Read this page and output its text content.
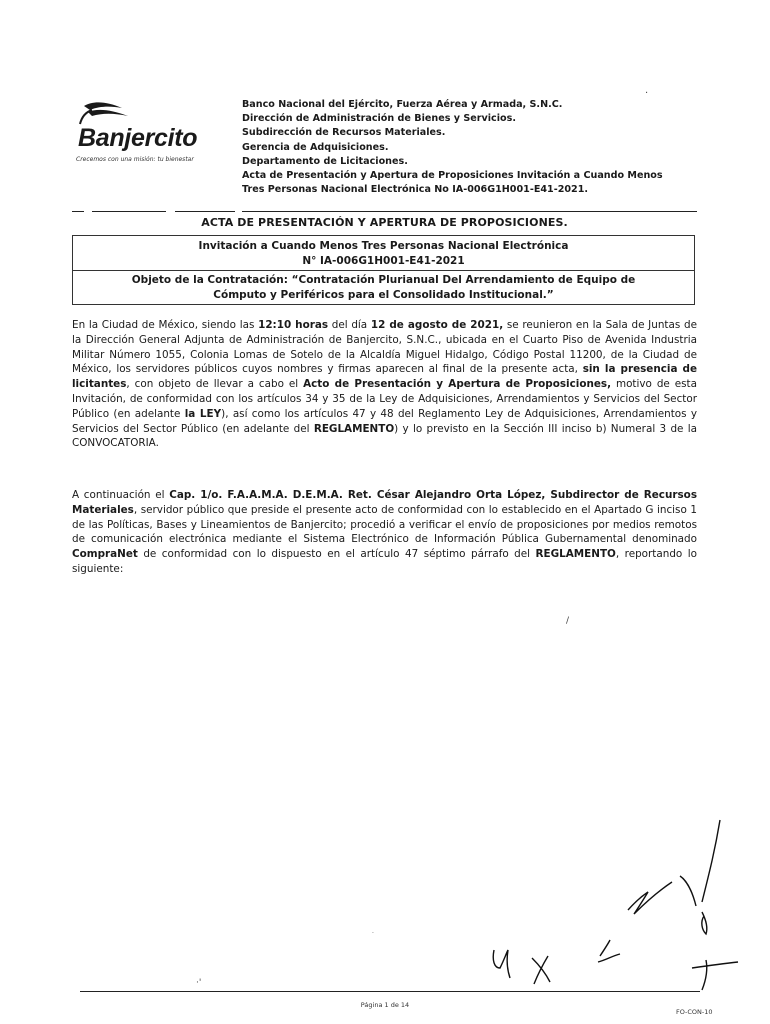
Banjercito
Crecemos con una misión: tu bienestar
Banco Nacional del Ejército, Fuerza Aérea y Armada, S.N.C.
Dirección de Administración de Bienes y Servicios.
Subdirección de Recursos Materiales.
Gerencia de Adquisiciones.
Departamento de Licitaciones.
Acta de Presentación y Apertura de Proposiciones Invitación a Cuando Menos
Tres Personas Nacional Electrónica No IA-006G1H001-E41-2021.
ACTA DE PRESENTACIÓN Y APERTURA DE PROPOSICIONES.
Invitación a Cuando Menos Tres Personas Nacional Electrónica
N° IA-006G1H001-E41-2021
Objeto de la Contratación: “Contratación Plurianual Del Arrendamiento de Equipo de
Cómputo y Periféricos para el Consolidado Institucional.”
En la Ciudad de México, siendo las 12:10 horas del día 12 de agosto de 2021, se reunieron en la Sala de Juntas de la Dirección General Adjunta de Administración de Banjercito, S.N.C., ubicada en el Cuarto Piso de Avenida Industria Militar Número 1055, Colonia Lomas de Sotelo de la Alcaldía Miguel Hidalgo, Código Postal 11200, de la Ciudad de México, los servidores públicos cuyos nombres y firmas aparecen al final de la presente acta, sin la presencia de licitantes, con objeto de llevar a cabo el Acto de Presentación y Apertura de Proposiciones, motivo de esta Invitación, de conformidad con los artículos 34 y 35 de la Ley de Adquisiciones, Arrendamientos y Servicios del Sector Público (en adelante la LEY), así como los artículos 47 y 48 del Reglamento Ley de Adquisiciones, Arrendamientos y Servicios del Sector Público (en adelante del REGLAMENTO) y lo previsto en la Sección III inciso b) Numeral 3 de la CONVOCATORIA.
A continuación el Cap. 1/o. F.A.A.M.A. D.E.M.A. Ret. César Alejandro Orta López, Subdirector de Recursos Materiales, servidor público que preside el presente acto de conformidad con lo establecido en el Apartado G inciso 1 de las Políticas, Bases y Lineamientos de Banjercito; procedió a verificar el envío de proposiciones por medios remotos de comunicación electrónica mediante el Sistema Electrónico de Información Pública Gubernamental denominado CompraNet de conformidad con lo dispuesto en el artículo 47 séptimo párrafo del REGLAMENTO, reportando lo siguiente:
·
/
·'
·
Página 1 de 14
FO-CON-10
